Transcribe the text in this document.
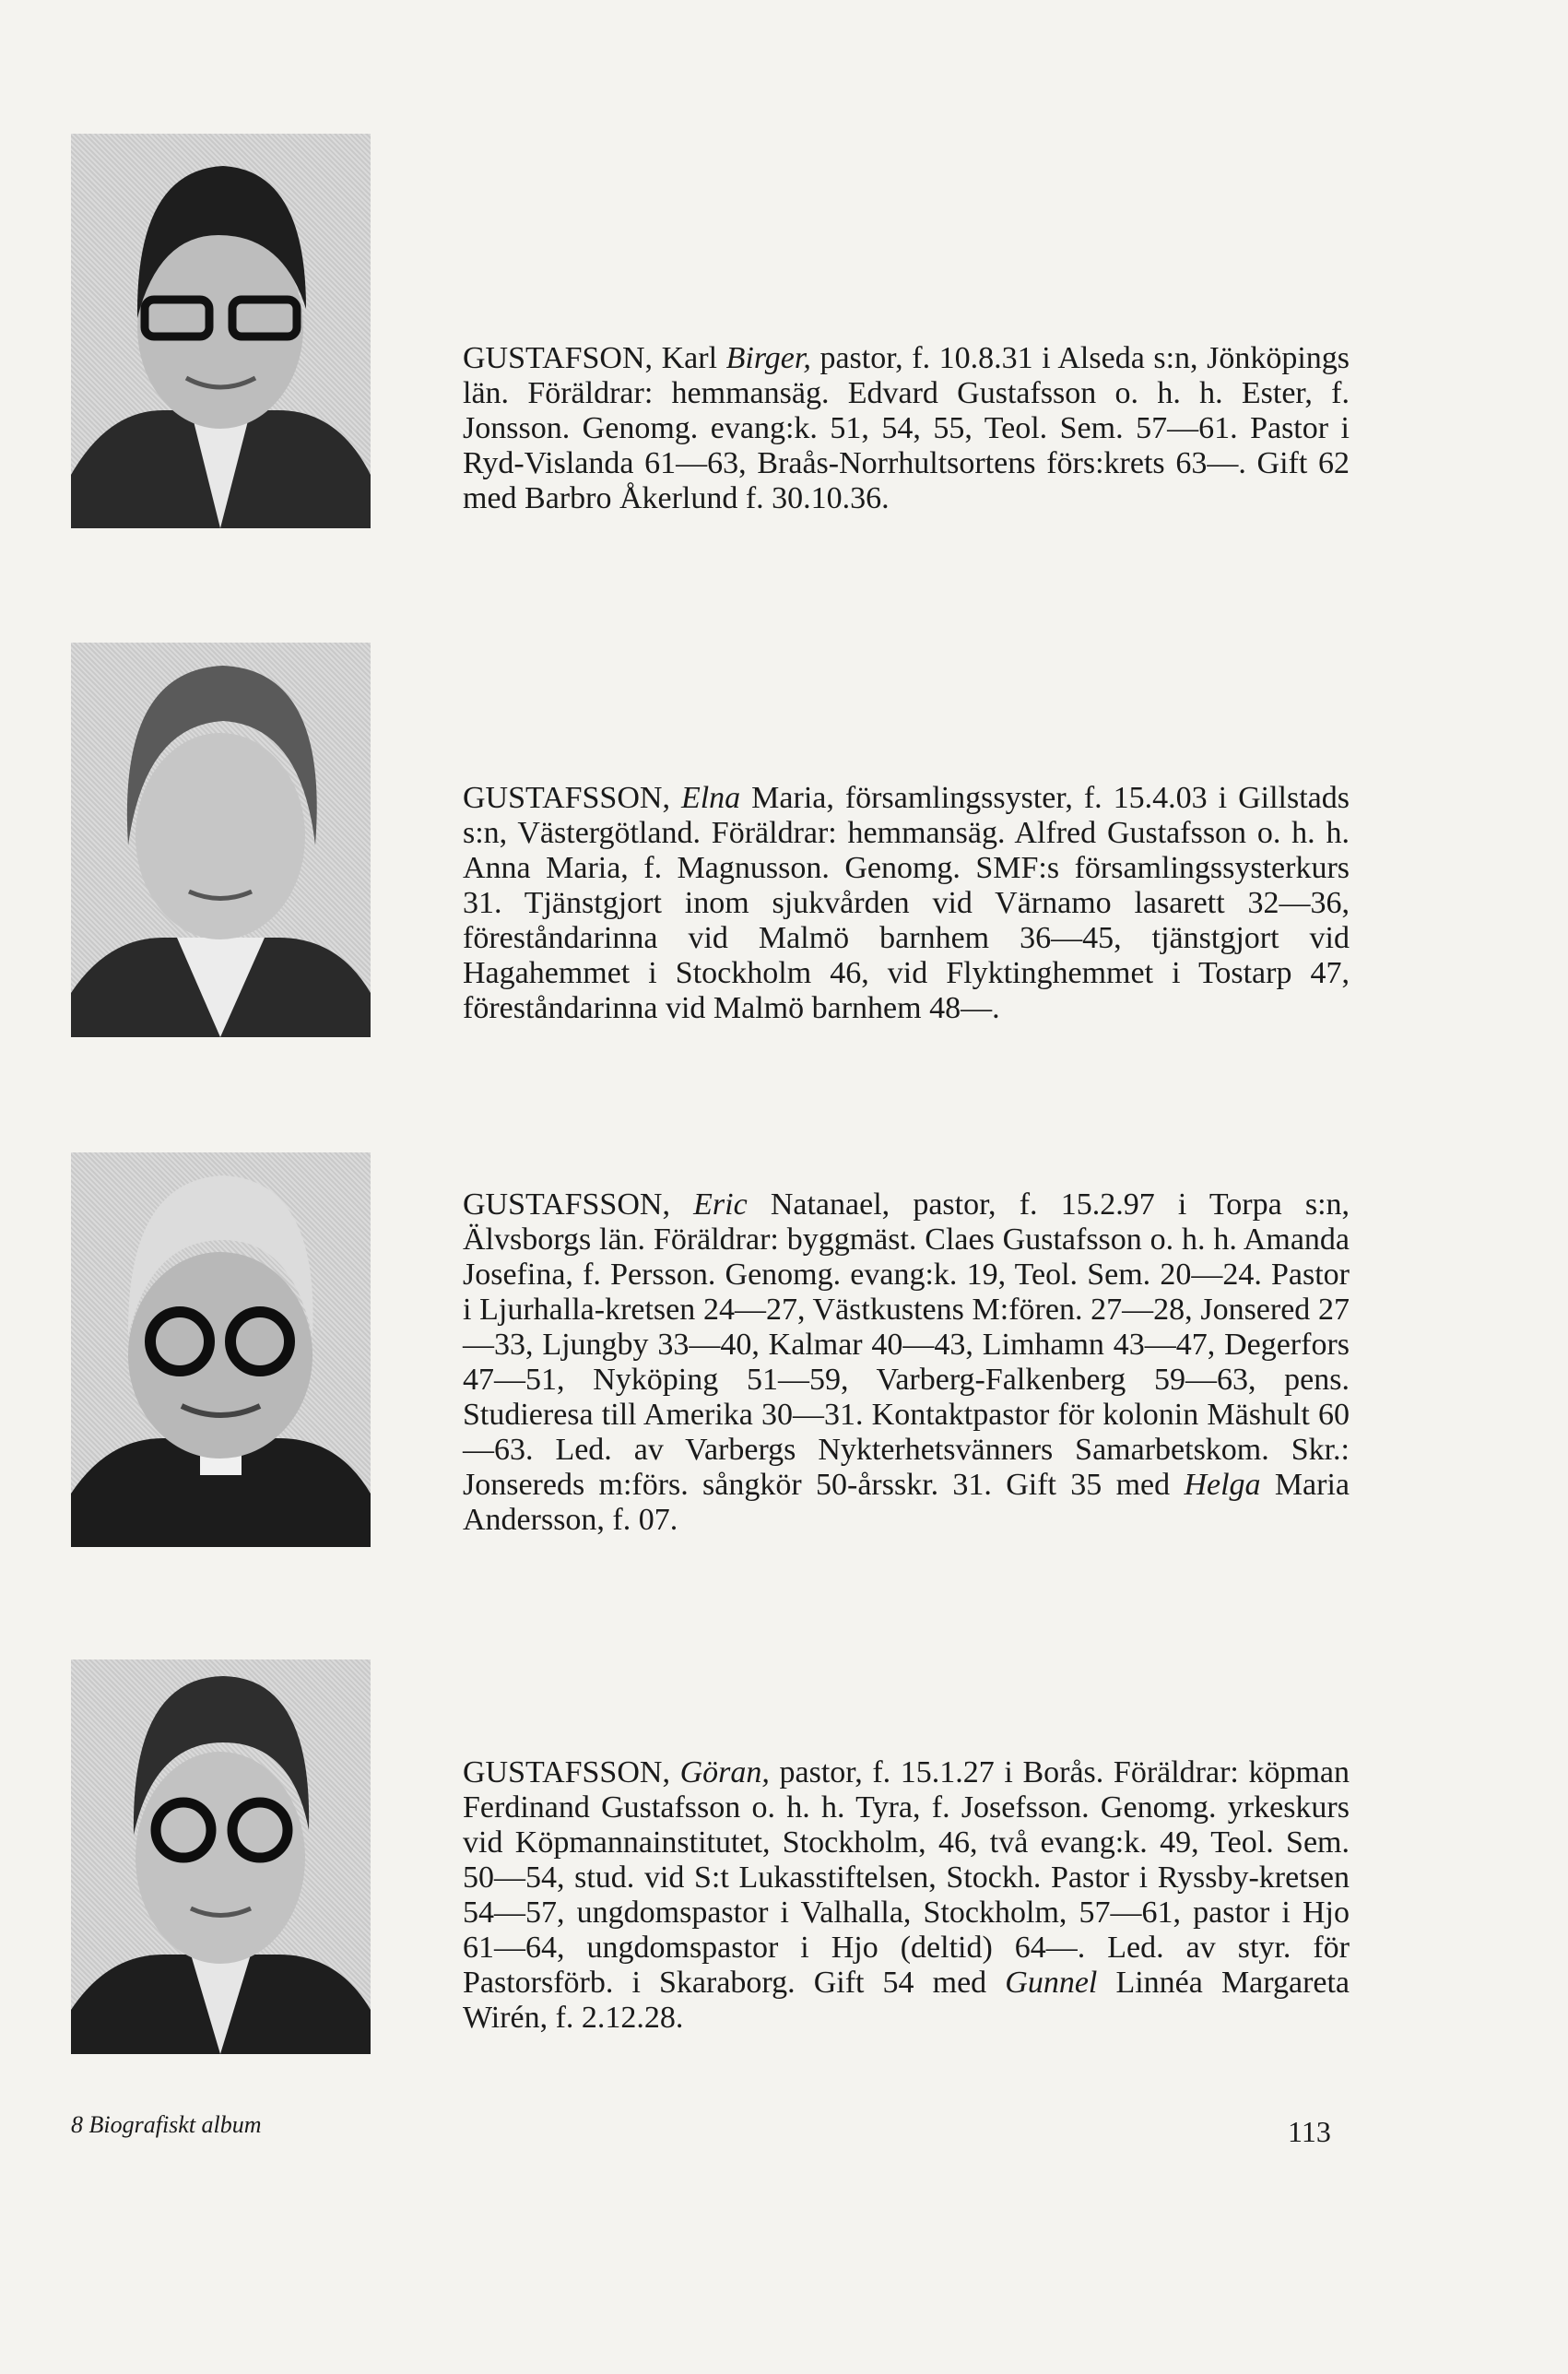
GUSTAFSON, Karl Birger, pastor, f. 10.8.31 i Alseda s:n, Jönköpings län. Föräldrar: hemmansäg. Edvard Gustafsson o. h. h. Ester, f. Jonsson. Genomg. evang:k. 51, 54, 55, Teol. Sem. 57—61. Pastor i Ryd-Vislanda 61—63, Braås-Norrhultsortens förs:krets 63—. Gift 62 med Barbro Åkerlund f. 30.10.36.

GUSTAFSSON, Elna Maria, församlingssyster, f. 15.4.03 i Gillstads s:n, Västergötland. Föräldrar: hemmansäg. Alfred Gustafsson o. h. h. Anna Maria, f. Magnusson. Genomg. SMF:s församlingssysterkurs 31. Tjänstgjort inom sjukvården vid Värnamo lasarett 32—36, föreståndarinna vid Malmö barnhem 36—45, tjänstgjort vid Hagahemmet i Stockholm 46, vid Flyktinghemmet i Tostarp 47, föreståndarinna vid Malmö barnhem 48—.

GUSTAFSSON, Eric Natanael, pastor, f. 15.2.97 i Torpa s:n, Älvsborgs län. Föräldrar: byggmäst. Claes Gustafsson o. h. h. Amanda Josefina, f. Persson. Genomg. evang:k. 19, Teol. Sem. 20—24. Pastor i Ljurhalla-kretsen 24—27, Västkustens M:fören. 27—28, Jonsered 27—33, Ljungby 33—40, Kalmar 40—43, Limhamn 43—47, Degerfors 47—51, Nyköping 51—59, Varberg-Falkenberg 59—63, pens. Studieresa till Amerika 30—31. Kontaktpastor för kolonin Mäshult 60—63. Led. av Varbergs Nykterhetsvänners Samarbetskom. Skr.: Jonsereds m:förs. sångkör 50-årsskr. 31. Gift 35 med Helga Maria Andersson, f. 07.

GUSTAFSSON, Göran, pastor, f. 15.1.27 i Borås. Föräldrar: köpman Ferdinand Gustafsson o. h. h. Tyra, f. Josefsson. Genomg. yrkeskurs vid Köpmannainstitutet, Stockholm, 46, två evang:k. 49, Teol. Sem. 50—54, stud. vid S:t Lukasstiftelsen, Stockh. Pastor i Ryssby-kretsen 54—57, ungdomspastor i Valhalla, Stockholm, 57—61, pastor i Hjo 61—64, ungdomspastor i Hjo (deltid) 64—. Led. av styr. för Pastorsförb. i Skaraborg. Gift 54 med Gunnel Linnéa Margareta Wirén, f. 2.12.28.

8 Biografiskt album	113
